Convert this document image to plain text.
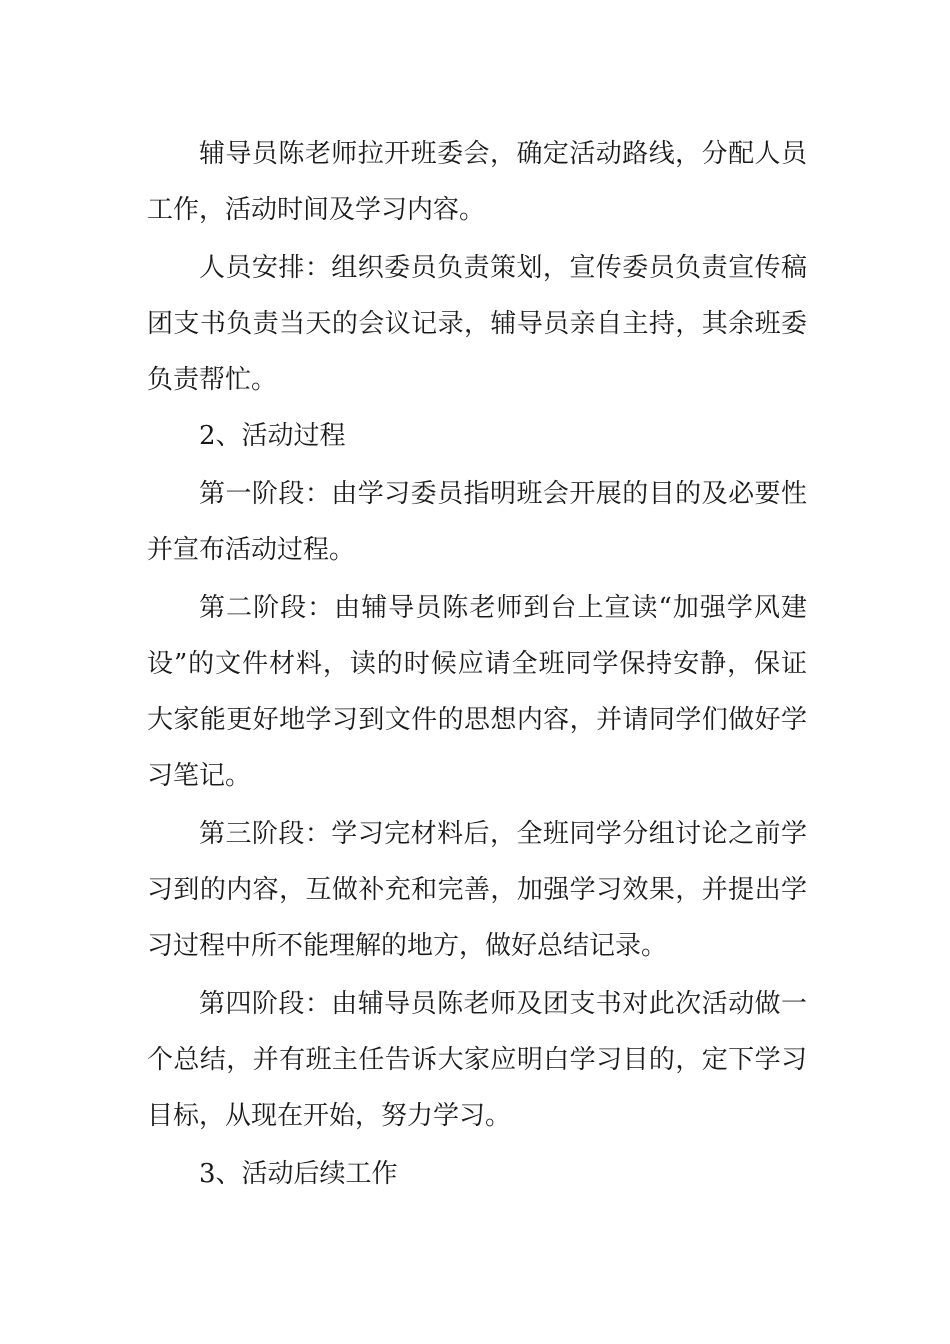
辅导员陈老师拉开班委会，确定活动路线，分配人员
工作，活动时间及学习内容。
人员安排：组织委员负责策划，宣传委员负责宣传稿
团支书负责当天的会议记录，辅导员亲自主持，其余班委
负责帮忙。
2、活动过程
第一阶段：由学习委员指明班会开展的目的及必要性
并宣布活动过程。
第二阶段：由辅导员陈老师到台上宣读“加强学风建
设”的文件材料，读的时候应请全班同学保持安静，保证
大家能更好地学习到文件的思想内容，并请同学们做好学
习笔记。
第三阶段：学习完材料后，全班同学分组讨论之前学
习到的内容，互做补充和完善，加强学习效果，并提出学
习过程中所不能理解的地方，做好总结记录。
第四阶段：由辅导员陈老师及团支书对此次活动做一
个总结，并有班主任告诉大家应明白学习目的，定下学习
目标，从现在开始，努力学习。
3、活动后续工作
